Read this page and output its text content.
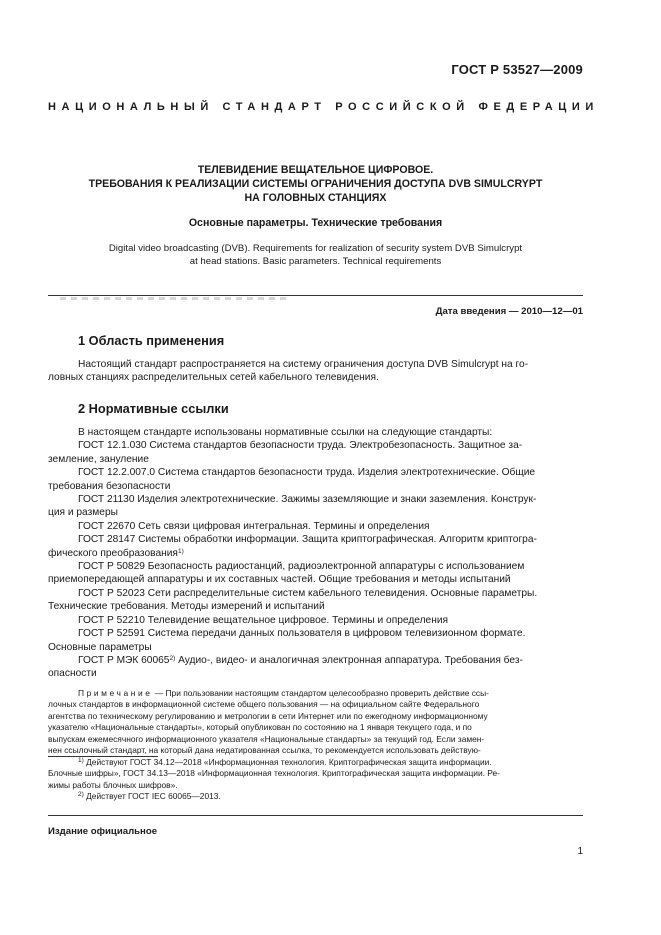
ГОСТ Р 53527—2009
НАЦИОНАЛЬНЫЙ СТАНДАРТ РОССИЙСКОЙ ФЕДЕРАЦИИ
ТЕЛЕВИДЕНИЕ ВЕЩАТЕЛЬНОЕ ЦИФРОВОЕ.
ТРЕБОВАНИЯ К РЕАЛИЗАЦИИ СИСТЕМЫ ОГРАНИЧЕНИЯ ДОСТУПА DVB SIMULCRYPT
НА ГОЛОВНЫХ СТАНЦИЯХ
Основные параметры. Технические требования
Digital video broadcasting (DVB). Requirements for realization of security system DVB Simulcrypt
at head stations. Basic parameters. Technical requirements
Дата введения — 2010—12—01
1 Область применения
Настоящий стандарт распространяется на систему ограничения доступа DVB Simulcrypt на го-
ловных станциях распределительных сетей кабельного телевидения.
2 Нормативные ссылки
В настоящем стандарте использованы нормативные ссылки на следующие стандарты:
ГОСТ 12.1.030 Система стандартов безопасности труда. Электробезопасность. Защитное за-
земление, зануление
ГОСТ 12.2.007.0 Система стандартов безопасности труда. Изделия электротехнические. Общие
требования безопасности
ГОСТ 21130 Изделия электротехнические. Зажимы заземляющие и знаки заземления. Конструк-
ция и размеры
ГОСТ 22670 Сеть связи цифровая интегральная. Термины и определения
ГОСТ 28147 Системы обработки информации. Защита криптографическая. Алгоритм криптогра-
фического преобразования$^{1)}$
ГОСТ Р 50829 Безопасность радиостанций, радиоэлектронной аппаратуры с использованием
приемопередающей аппаратуры и их составных частей. Общие требования и методы испытаний
ГОСТ Р 52023 Сети распределительные систем кабельного телевидения. Основные параметры.
Технические требования. Методы измерений и испытаний
ГОСТ Р 52210 Телевидение вещательное цифровое. Термины и определения
ГОСТ Р 52591 Система передачи данных пользователя в цифровом телевизионном формате.
Основные параметры
ГОСТ Р МЭК 60065$^{2)}$ Аудио-, видео- и аналогичная электронная аппаратура. Требования без-
опасности
Примечание — При пользовании настоящим стандартом целесообразно проверить действие ссы-
лочных стандартов в информационной системе общего пользования — на официальном сайте Федерального
агентства по техническому регулированию и метрологии в сети Интернет или по ежегодному информационному
указателю «Национальные стандарты», который опубликован по состоянию на 1 января текущего года, и по
выпускам ежемесячного информационного указателя «Национальные стандарты» за текущий год. Если замен-
нен ссылочный стандарт, на который дана недатированная ссылка, то рекомендуется использовать действую-
$^{1)}$ Действуют ГОСТ 34.12—2018 «Информационная технология. Криптографическая защита информации.
Блочные шифры», ГОСТ 34.13—2018 «Информационная технология. Криптографическая защита информации. Ре-
жимы работы блочных шифров».
$^{2)}$ Действует ГОСТ IEC 60065—2013.
Издание официальное
1
